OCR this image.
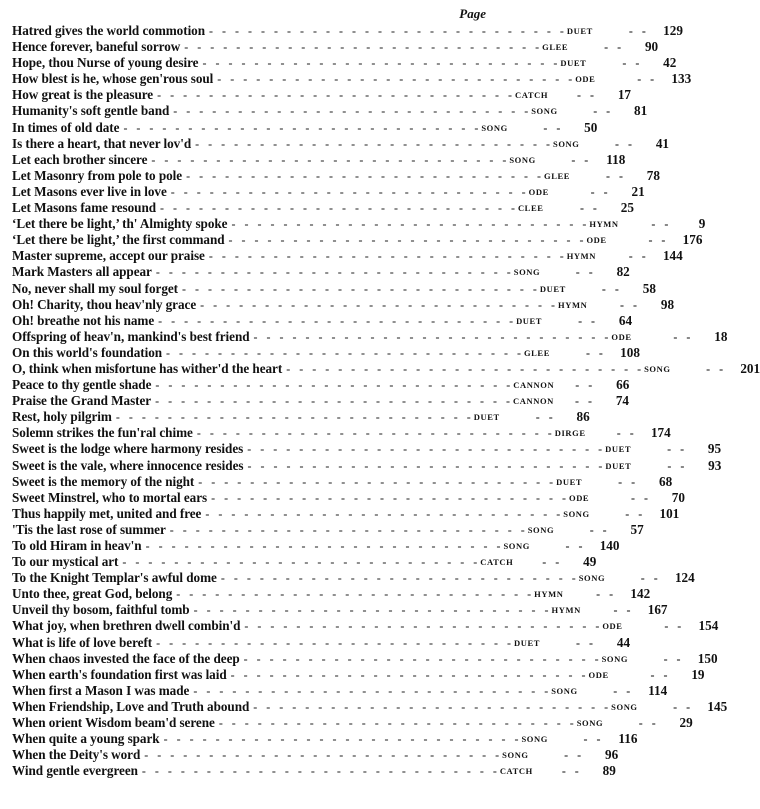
Page
Hatred gives the world commotion - - - - - - - - - - - - - - - - - - - - - - - - - - - - DUET	- -	129
Hence forever, baneful sorrow - - - - - - - - - - - - - - - - - - - - - - - - - - - - GLEE	- -	90
Hope, thou Nurse of young desire - - - - - - - - - - - - - - - - - - - - - - - - - - - - DUET	- -	42
How blest is he, whose gen'rous soul - - - - - - - - - - - - - - - - - - - - - - - - - - - - ODE	- -	133
How great is the pleasure - - - - - - - - - - - - - - - - - - - - - - - - - - - - CATCH	- -	17
Humanity's soft gentle band - - - - - - - - - - - - - - - - - - - - - - - - - - - - SONG	- -	81
In times of old date - - - - - - - - - - - - - - - - - - - - - - - - - - - - SONG	- -	50
Is there a heart, that never lov'd - - - - - - - - - - - - - - - - - - - - - - - - - - - - SONG	- -	41
Let each brother sincere - - - - - - - - - - - - - - - - - - - - - - - - - - - - SONG	- -	118
Let Masonry from pole to pole - - - - - - - - - - - - - - - - - - - - - - - - - - - - GLEE	- -	78
Let Masons ever live in love - - - - - - - - - - - - - - - - - - - - - - - - - - - - ODE	- -	21
Let Masons fame resound - - - - - - - - - - - - - - - - - - - - - - - - - - - - CLEE	- -	25
‘Let there be light,’ th' Almighty spoke - - - - - - - - - - - - - - - - - - - - - - - - - - - - HYMN	- -	9
‘Let there be light,’ the first command - - - - - - - - - - - - - - - - - - - - - - - - - - - - ODE	- -	176
Master supreme, accept our praise - - - - - - - - - - - - - - - - - - - - - - - - - - - - HYMN	- -	144
Mark Masters all appear - - - - - - - - - - - - - - - - - - - - - - - - - - - - SONG	- -	82
No, never shall my soul forget - - - - - - - - - - - - - - - - - - - - - - - - - - - - DUET	- -	58
Oh! Charity, thou heav'nly grace - - - - - - - - - - - - - - - - - - - - - - - - - - - - HYMN	- -	98
Oh! breathe not his name - - - - - - - - - - - - - - - - - - - - - - - - - - - - DUET	- -	64
Offspring of heav'n, mankind's best friend - - - - - - - - - - - - - - - - - - - - - - - - - - - - ODE	- -	18
On this world's foundation - - - - - - - - - - - - - - - - - - - - - - - - - - - - GLEE	- -	108
O, think when misfortune has wither'd the heart - - - - - - - - - - - - - - - - - - - - - - - - - - - - SONG	- -	201
Peace to thy gentle shade - - - - - - - - - - - - - - - - - - - - - - - - - - - - CANNON	- -	66
Praise the Grand Master - - - - - - - - - - - - - - - - - - - - - - - - - - - - CANNON	- -	74
Rest, holy pilgrim - - - - - - - - - - - - - - - - - - - - - - - - - - - - DUET	- -	86
Solemn strikes the fun'ral chime - - - - - - - - - - - - - - - - - - - - - - - - - - - - DIRGE	- -	174
Sweet is the lodge where harmony resides - - - - - - - - - - - - - - - - - - - - - - - - - - - - DUET	- -	95
Sweet is the vale, where innocence resides - - - - - - - - - - - - - - - - - - - - - - - - - - - - DUET	- -	93
Sweet is the memory of the night - - - - - - - - - - - - - - - - - - - - - - - - - - - - DUET	- -	68
Sweet Minstrel, who to mortal ears - - - - - - - - - - - - - - - - - - - - - - - - - - - - ODE	- -	70
Thus happily met, united and free - - - - - - - - - - - - - - - - - - - - - - - - - - - - SONG	- -	101
'Tis the last rose of summer - - - - - - - - - - - - - - - - - - - - - - - - - - - - SONG	- -	57
To old Hiram in heav'n - - - - - - - - - - - - - - - - - - - - - - - - - - - - SONG	- -	140
To our mystical art - - - - - - - - - - - - - - - - - - - - - - - - - - - - CATCH	- -	49
To the Knight Templar's awful dome - - - - - - - - - - - - - - - - - - - - - - - - - - - - SONG	- -	124
Unto thee, great God, belong - - - - - - - - - - - - - - - - - - - - - - - - - - - - HYMN	- -	142
Unveil thy bosom, faithful tomb - - - - - - - - - - - - - - - - - - - - - - - - - - - - HYMN	- -	167
What joy, when brethren dwell combin'd - - - - - - - - - - - - - - - - - - - - - - - - - - - - ODE	- -	154
What is life of love bereft - - - - - - - - - - - - - - - - - - - - - - - - - - - - DUET	- -	44
When chaos invested the face of the deep - - - - - - - - - - - - - - - - - - - - - - - - - - - - SONG	- -	150
When earth's foundation first was laid - - - - - - - - - - - - - - - - - - - - - - - - - - - - ODE	- -	19
When first a Mason I was made - - - - - - - - - - - - - - - - - - - - - - - - - - - - SONG	- -	114
When Friendship, Love and Truth abound - - - - - - - - - - - - - - - - - - - - - - - - - - - - SONG	- -	145
When orient Wisdom beam'd serene - - - - - - - - - - - - - - - - - - - - - - - - - - - - SONG	- -	29
When quite a young spark - - - - - - - - - - - - - - - - - - - - - - - - - - - - SONG	- -	116
When the Deity's word - - - - - - - - - - - - - - - - - - - - - - - - - - - - SONG	- -	96
Wind gentle evergreen - - - - - - - - - - - - - - - - - - - - - - - - - - - - CATCH	- -	89
